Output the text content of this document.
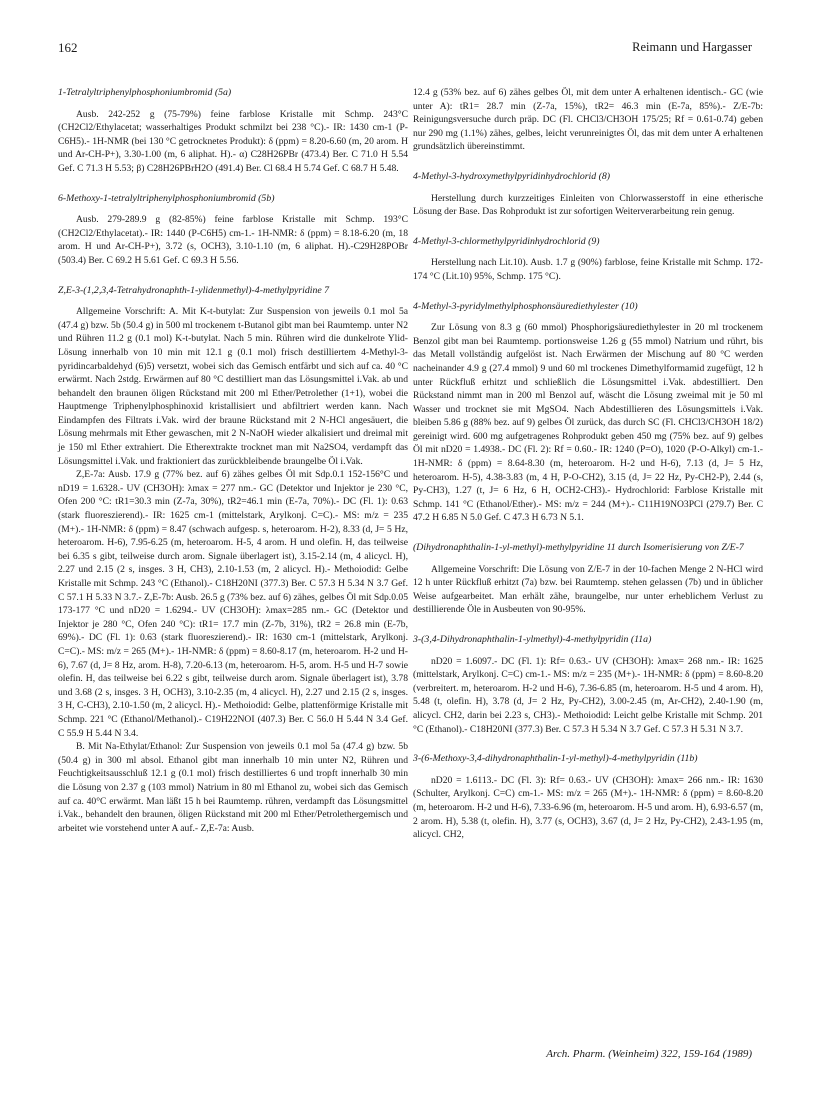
162	Reimann und Hargasser

1-Tetralyltriphenylphosphoniumbromid (5a)

Ausb. 242-252 g (75-79%) feine farblose Kristalle mit Schmp. 243°C (CH2Cl2/Ethylacetat; wasserhaltiges Produkt schmilzt bei 238 °C).- IR: 1430 cm-1 (P-C6H5).- 1H-NMR (bei 130 °C getrocknetes Produkt): δ (ppm) = 8.20-6.60 (m, 20 arom. H und Ar-CH-P+), 3.30-1.00 (m, 6 aliphat. H).- α) C28H26PBr (473.4) Ber. C 71.0 H 5.54 Gef. C 71.3 H 5.53; β) C28H26PBrH2O (491.4) Ber. Cl 68.4 H 5.74 Gef. C 68.7 H 5.48.

6-Methoxy-1-tetralyltriphenylphosphoniumbromid (5b)

Ausb. 279-289.9 g (82-85%) feine farblose Kristalle mit Schmp. 193°C (CH2Cl2/Ethylacetat).- IR: 1440 (P-C6H5) cm-1.- 1H-NMR: δ (ppm) = 8.18-6.20 (m, 18 arom. H und Ar-CH-P+), 3.72 (s, OCH3), 3.10-1.10 (m, 6 aliphat. H).-C29H28POBr (503.4) Ber. C 69.2 H 5.61 Gef. C 69.3 H 5.56.

Z,E-3-(1,2,3,4-Tetrahydronaphth-1-ylidenmethyl)-4-methylpyridine 7

Allgemeine Vorschrift: A. Mit K-t-butylat: Zur Suspension von jeweils 0.1 mol 5a (47.4 g) bzw. 5b (50.4 g) in 500 ml trockenem t-Butanol gibt man bei Raumtemp. unter N2 und Rühren 11.2 g (0.1 mol) K-t-butylat. Nach 5 min. Rühren wird die dunkelrote Ylid-Lösung innerhalb von 10 min mit 12.1 g (0.1 mol) frisch destilliertem 4-Methyl-3-pyridincarbaldehyd (6)5) versetzt, wobei sich das Gemisch entfärbt und sich auf ca. 40 °C erwärmt. Nach 2stdg. Erwärmen auf 80 °C destilliert man das Lösungsmittel i.Vak. ab und behandelt den braunen öligen Rückstand mit 200 ml Ether/Petrolether (1+1), wobei die Hauptmenge Triphenylphosphinoxid kristallisiert und abfiltriert werden kann. Nach Eindampfen des Filtrats i.Vak. wird der braune Rückstand mit 2 N-HCl angesäuert, die Lösung mehrmals mit Ether gewaschen, mit 2 N-NaOH wieder alkalisiert und dreimal mit je 150 ml Ether extrahiert. Die Etherextrakte trocknet man mit Na2SO4, verdampft das Lösungsmittel i.Vak. und fraktioniert das zurückbleibende braungelbe Öl i.Vak.

Z,E-7a: Ausb. 17.9 g (77% bez. auf 6) zähes gelbes Öl mit Sdp.0.1 152-156°C und nD19 = 1.6328.- UV (CH3OH): λmax = 277 nm.- GC (Detektor und Injektor je 230 °C, Ofen 200 °C: tR1=30.3 min (Z-7a, 30%), tR2=46.1 min (E-7a, 70%).- DC (Fl. 1): 0.63 (stark fluoreszierend).- IR: 1625 cm-1 (mittelstark, Arylkonj. C=C).- MS: m/z = 235 (M+).- 1H-NMR: δ (ppm) = 8.47 (schwach aufgesp. s, heteroarom. H-2), 8.33 (d, J= 5 Hz, heteroarom. H-6), 7.95-6.25 (m, heteroarom. H-5, 4 arom. H und olefin. H, das teilweise bei 6.35 s gibt, teilweise durch arom. Signale überlagert ist), 3.15-2.14 (m, 4 alicycl. H), 2.27 und 2.15 (2 s, insges. 3 H, CH3), 2.10-1.53 (m, 2 alicycl. H).- Methoiodid: Gelbe Kristalle mit Schmp. 243 °C (Ethanol).- C18H20NI (377.3) Ber. C 57.3 H 5.34 N 3.7 Gef. C 57.1 H 5.33 N 3.7.- Z,E-7b: Ausb. 26.5 g (73% bez. auf 6) zähes, gelbes Öl mit Sdp.0.05 173-177 °C und nD20 = 1.6294.- UV (CH3OH): λmax=285 nm.- GC (Detektor und Injektor je 280 °C, Ofen 240 °C): tR1= 17.7 min (Z-7b, 31%), tR2 = 26.8 min (E-7b, 69%).- DC (Fl. 1): 0.63 (stark fluoreszierend).- IR: 1630 cm-1 (mittelstark, Arylkonj. C=C).- MS: m/z = 265 (M+).- 1H-NMR: δ (ppm) = 8.60-8.17 (m, heteroarom. H-2 und H-6), 7.67 (d, J= 8 Hz, arom. H-8), 7.20-6.13 (m, heteroarom. H-5, arom. H-5 und H-7 sowie olefin. H, das teilweise bei 6.22 s gibt, teilweise durch arom. Signale überlagert ist), 3.78 und 3.68 (2 s, insges. 3 H, OCH3), 3.10-2.35 (m, 4 alicycl. H), 2.27 und 2.15 (2 s, insges. 3 H, C-CH3), 2.10-1.50 (m, 2 alicycl. H).- Methoiodid: Gelbe, plattenförmige Kristalle mit Schmp. 221 °C (Ethanol/Methanol).- C19H22NOI (407.3) Ber. C 56.0 H 5.44 N 3.4 Gef. C 55.9 H 5.44 N 3.4.

B. Mit Na-Ethylat/Ethanol: Zur Suspension von jeweils 0.1 mol 5a (47.4 g) bzw. 5b (50.4 g) in 300 ml absol. Ethanol gibt man innerhalb 10 min unter N2, Rühren und Feuchtigkeitsausschluß 12.1 g (0.1 mol) frisch destilliertes 6 und tropft innerhalb 30 min die Lösung von 2.37 g (103 mmol) Natrium in 80 ml Ethanol zu, wobei sich das Gemisch auf ca. 40°C erwärmt. Man läßt 15 h bei Raumtemp. rühren, verdampft das Lösungsmittel i.Vak., behandelt den braunen, öligen Rückstand mit 200 ml Ether/Petrolethergemisch und arbeitet wie vorstehend unter A auf.- Z,E-7a: Ausb.

12.4 g (53% bez. auf 6) zähes gelbes Öl, mit dem unter A erhaltenen identisch.- GC (wie unter A): tR1= 28.7 min (Z-7a, 15%), tR2= 46.3 min (E-7a, 85%).- Z/E-7b: Reinigungsversuche durch präp. DC (Fl. CHCl3/CH3OH 175/25; Rf = 0.61-0.74) geben nur 290 mg (1.1%) zähes, gelbes, leicht verunreinigtes Öl, das mit dem unter A erhaltenen grundsätzlich übereinstimmt.

4-Methyl-3-hydroxymethylpyridinhydrochlorid (8)

Herstellung durch kurzzeitiges Einleiten von Chlorwasserstoff in eine etherische Lösung der Base. Das Rohprodukt ist zur sofortigen Weiterverarbeitung rein genug.

4-Methyl-3-chlormethylpyridinhydrochlorid (9)

Herstellung nach Lit.10). Ausb. 1.7 g (90%) farblose, feine Kristalle mit Schmp. 172-174 °C (Lit.10) 95%, Schmp. 175 °C).

4-Methyl-3-pyridylmethylphosphonsäurediethylester (10)

Zur Lösung von 8.3 g (60 mmol) Phosphorigsäurediethylester in 20 ml trockenem Benzol gibt man bei Raumtemp. portionsweise 1.26 g (55 mmol) Natrium und rührt, bis das Metall vollständig aufgelöst ist. Nach Erwärmen der Mischung auf 80 °C werden nacheinander 4.9 g (27.4 mmol) 9 und 60 ml trockenes Dimethylformamid zugefügt, 12 h unter Rückfluß erhitzt und schließlich die Lösungsmittel i.Vak. abdestilliert. Den Rückstand nimmt man in 200 ml Benzol auf, wäscht die Lösung zweimal mit je 50 ml Wasser und trocknet sie mit MgSO4. Nach Abdestillieren des Lösungsmittels i.Vak. bleiben 5.86 g (88% bez. auf 9) gelbes Öl zurück, das durch SC (Fl. CHCl3/CH3OH 18/2) gereinigt wird. 600 mg aufgetragenes Rohprodukt geben 450 mg (75% bez. auf 9) gelbes Öl mit nD20 = 1.4938.- DC (Fl. 2): Rf = 0.60.- IR: 1240 (P=O), 1020 (P-O-Alkyl) cm-1.- 1H-NMR: δ (ppm) = 8.64-8.30 (m, heteroarom. H-2 und H-6), 7.13 (d, J= 5 Hz, heteroarom. H-5), 4.38-3.83 (m, 4 H, P-O-CH2), 3.15 (d, J= 22 Hz, Py-CH2-P), 2.44 (s, Py-CH3), 1.27 (t, J= 6 Hz, 6 H, OCH2-CH3).- Hydrochlorid: Farblose Kristalle mit Schmp. 141 °C (Ethanol/Ether).- MS: m/z = 244 (M+).- C11H19NO3PCl (279.7) Ber. C 47.2 H 6.85 N 5.0 Gef. C 47.3 H 6.73 N 5.1.

(Dihydronaphthalin-1-yl-methyl)-methylpyridine 11 durch Isomerisierung von Z/E-7

Allgemeine Vorschrift: Die Lösung von Z/E-7 in der 10-fachen Menge 2 N-HCl wird 12 h unter Rückfluß erhitzt (7a) bzw. bei Raumtemp. stehen gelassen (7b) und in üblicher Weise aufgearbeitet. Man erhält zähe, braungelbe, nur unter erheblichem Verlust zu destillierende Öle in Ausbeuten von 90-95%.

3-(3,4-Dihydronaphthalin-1-ylmethyl)-4-methylpyridin (11a)

nD20 = 1.6097.- DC (Fl. 1): Rf= 0.63.- UV (CH3OH): λmax= 268 nm.- IR: 1625 (mittelstark, Arylkonj. C=C) cm-1.- MS: m/z = 235 (M+).- 1H-NMR: δ (ppm) = 8.60-8.20 (verbreitert. m, heteroarom. H-2 und H-6), 7.36-6.85 (m, heteroarom. H-5 und 4 arom. H), 5.48 (t, olefin. H), 3.78 (d, J= 2 Hz, Py-CH2), 3.00-2.45 (m, Ar-CH2), 2.40-1.90 (m, alicycl. CH2, darin bei 2.23 s, CH3).- Methoiodid: Leicht gelbe Kristalle mit Schmp. 201 °C (Ethanol).- C18H20NI (377.3) Ber. C 57.3 H 5.34 N 3.7 Gef. C 57.3 H 5.31 N 3.7.

3-(6-Methoxy-3,4-dihydronaphthalin-1-yl-methyl)-4-methylpyridin (11b)

nD20 = 1.6113.- DC (Fl. 3): Rf= 0.63.- UV (CH3OH): λmax= 266 nm.- IR: 1630 (Schulter, Arylkonj. C=C) cm-1.- MS: m/z = 265 (M+).- 1H-NMR: δ (ppm) = 8.60-8.20 (m, heteroarom. H-2 und H-6), 7.33-6.96 (m, heteroarom. H-5 und arom. H), 6.93-6.57 (m, 2 arom. H), 5.38 (t, olefin. H), 3.77 (s, OCH3), 3.67 (d, J= 2 Hz, Py-CH2), 2.43-1.95 (m, alicycl. CH2,

Arch. Pharm. (Weinheim) 322, 159-164 (1989)
